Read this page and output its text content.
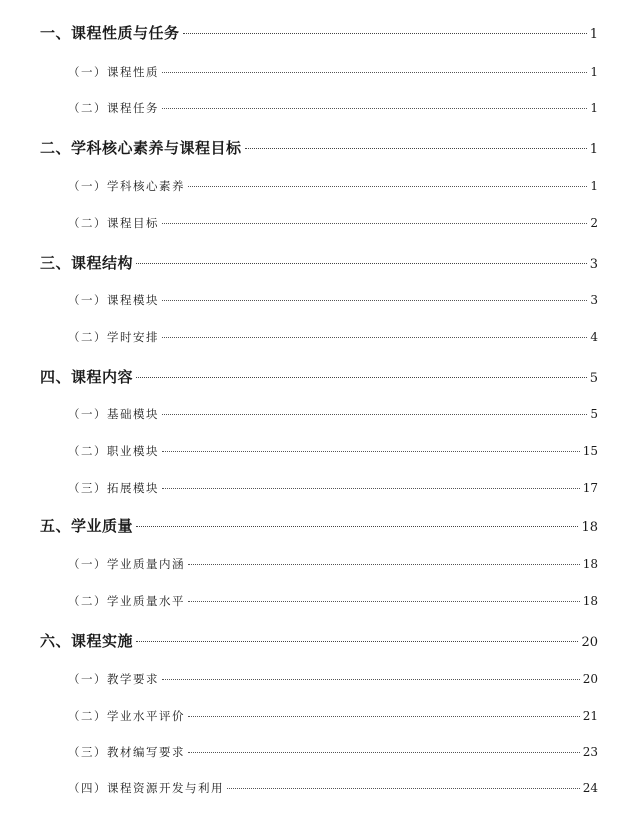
一、课程性质与任务	1
（一）课程性质	1
（二）课程任务	1
二、学科核心素养与课程目标	1
（一）学科核心素养	1
（二）课程目标	2
三、课程结构	3
（一）课程模块	3
（二）学时安排	4
四、课程内容	5
（一）基础模块	5
（二）职业模块	15
（三）拓展模块	17
五、学业质量	18
（一）学业质量内涵	18
（二）学业质量水平	18
六、课程实施	20
（一）教学要求	20
（二）学业水平评价	21
（三）教材编写要求	23
（四）课程资源开发与利用	24
